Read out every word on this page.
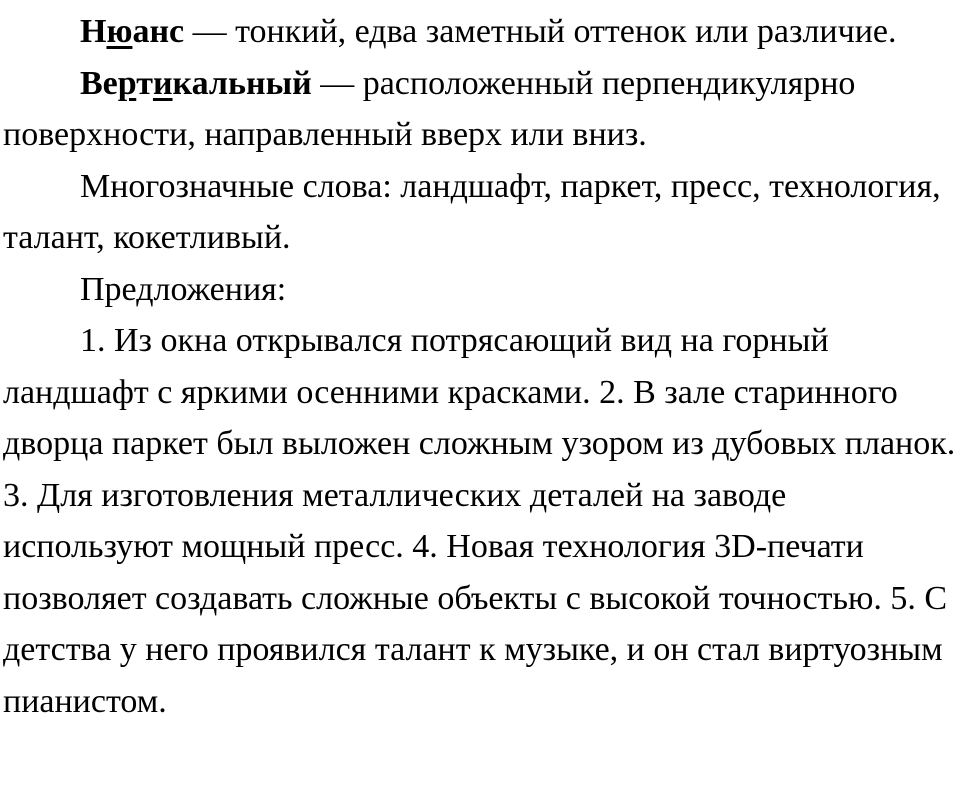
Нюанс — тонкий, едва заметный оттенок или различие.

Вертикальный — расположенный перпендикулярно поверхности, направленный вверх или вниз.

Многозначные слова: ландшафт, паркет, пресс, технология, талант, кокетливый.

Предложения:

1. Из окна открывался потрясающий вид на горный ландшафт с яркими осенними красками. 2. В зале старинного дворца паркет был выложен сложным узором из дубовых планок. 3. Для изготовления металлических деталей на заводе используют мощный пресс. 4. Новая технология 3D-печати позволяет создавать сложные объекты с высокой точностью. 5. С детства у него проявился талант к музыке, и он стал виртуозным пианистом.
